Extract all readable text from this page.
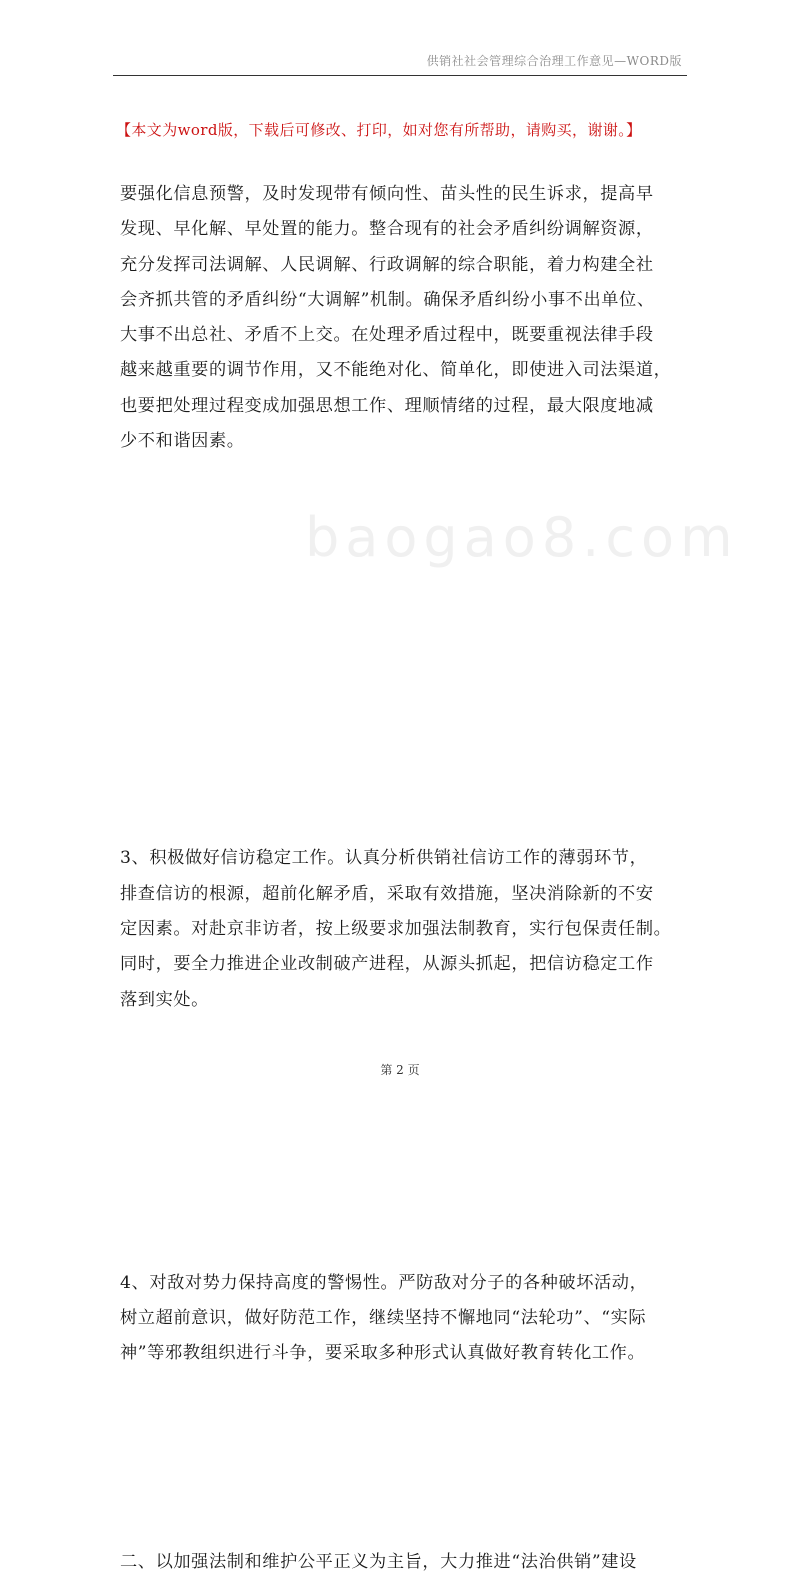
baogao8.com
供销社社会管理综合治理工作意见—WORD版
【本文为word版，下载后可修改、打印，如对您有所帮助，请购买，谢谢。】
要强化信息预警，及时发现带有倾向性、苗头性的民生诉求，提高早
发现、早化解、早处置的能力。整合现有的社会矛盾纠纷调解资源，
充分发挥司法调解、人民调解、行政调解的综合职能，着力构建全社
会齐抓共管的矛盾纠纷“大调解”机制。确保矛盾纠纷小事不出单位、
大事不出总社、矛盾不上交。在处理矛盾过程中，既要重视法律手段
越来越重要的调节作用，又不能绝对化、简单化，即使进入司法渠道，
也要把处理过程变成加强思想工作、理顺情绪的过程，最大限度地减
少不和谐因素。
3、积极做好信访稳定工作。认真分析供销社信访工作的薄弱环节，
排查信访的根源，超前化解矛盾，采取有效措施，坚决消除新的不安
定因素。对赴京非访者，按上级要求加强法制教育，实行包保责任制。
同时，要全力推进企业改制破产进程，从源头抓起，把信访稳定工作
落到实处。
4、对敌对势力保持高度的警惕性。严防敌对分子的各种破坏活动，
树立超前意识，做好防范工作，继续坚持不懈地同“法轮功”、“实际
神”等邪教组织进行斗争，要采取多种形式认真做好教育转化工作。
二、以加强法制和维护公平正义为主旨，大力推进“法治供销”建设
第 2 页
